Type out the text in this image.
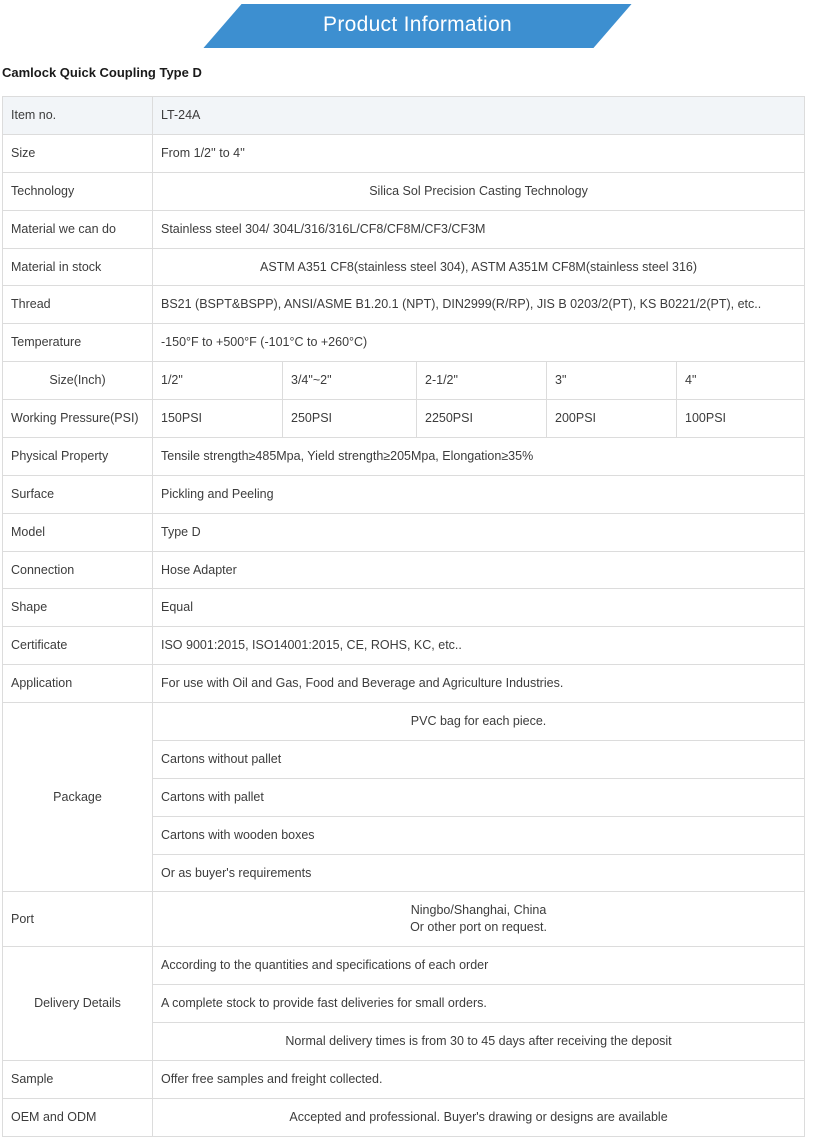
Product Information
Camlock Quick Coupling Type D
Item no.	LT-24A				
Size	From 1/2'' to 4''				
Technology	Silica Sol Precision Casting Technology				
Material we can do	Stainless steel 304/ 304L/316/316L/CF8/CF8M/CF3/CF3M				
Material in stock	ASTM A351 CF8(stainless steel 304), ASTM A351M CF8M(stainless steel 316)				
Thread	BS21 (BSPT&BSPP), ANSI/ASME B1.20.1 (NPT), DIN2999(R/RP), JIS B 0203/2(PT), KS B0221/2(PT), etc..				
Temperature	-150°F to +500°F (-101°C to +260°C)				
Size(Inch)	1/2"	3/4"~2"	2-1/2"	3"	4"
Working Pressure(PSI)	150PSI	250PSI	2250PSI	200PSI	100PSI
Physical Property	Tensile strength≥485Mpa, Yield strength≥205Mpa, Elongation≥35%				
Surface	Pickling and Peeling				
Model	Type D				
Connection	Hose Adapter				
Shape	Equal				
Certificate	ISO 9001:2015, ISO14001:2015, CE, ROHS, KC, etc..				
Application	For use with Oil and Gas, Food and Beverage and Agriculture Industries.				
Package	PVC bag for each piece.				
	Cartons without pallet				
	Cartons with pallet				
	Cartons with wooden boxes				
	Or as buyer's requirements				
Port	Ningbo/Shanghai, China
Or other port on request.				

Delivery Details	According to the quantities and specifications of each order				
	A complete stock to provide fast deliveries for small orders.				
	Normal delivery times is from 30 to 45 days after receiving the deposit				
Sample	Offer free samples and freight collected.				
OEM and ODM	Accepted and professional. Buyer's drawing or designs are available				
